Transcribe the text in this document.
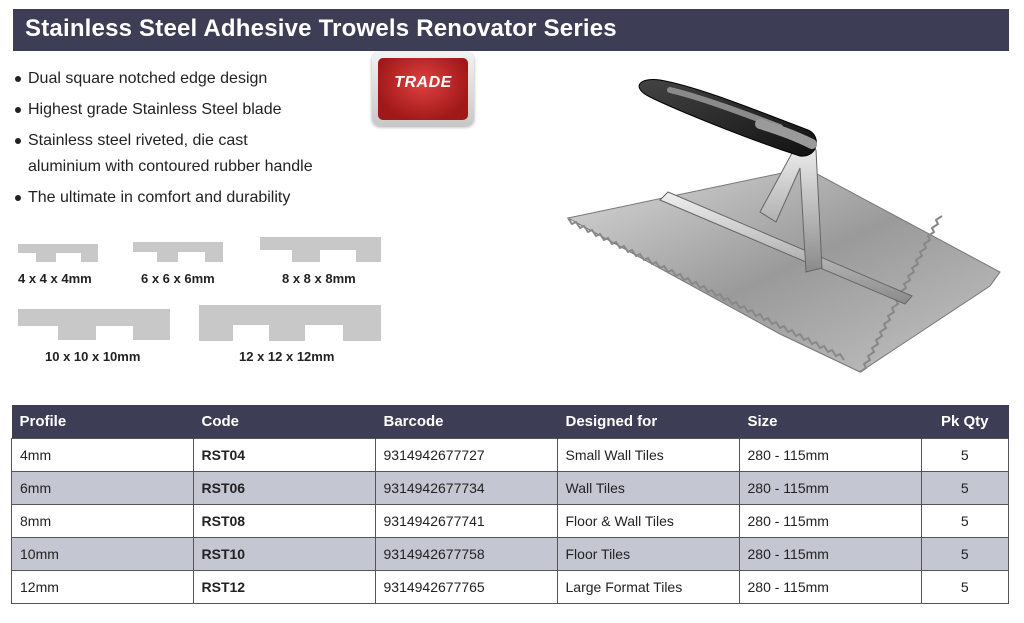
Stainless Steel Adhesive Trowels Renovator Series
Dual square notched edge design
Highest grade Stainless Steel blade
Stainless steel riveted, die cast
aluminium with contoured rubber handle
The ultimate in comfort and durability
TRADE
4 x 4 x 4mm	6 x 6 x 6mm	8 x 8 x 8mm
10 x 10 x 10mm	12 x 12 x 12mm
Profile	Code	Barcode	Designed for	Size	Pk Qty
4mm	RST04	9314942677727	Small Wall Tiles	280 - 115mm	5
6mm	RST06	9314942677734	Wall Tiles	280 - 115mm	5
8mm	RST08	9314942677741	Floor & Wall Tiles	280 - 115mm	5
10mm	RST10	9314942677758	Floor Tiles	280 - 115mm	5
12mm	RST12	9314942677765	Large Format Tiles	280 - 115mm	5
